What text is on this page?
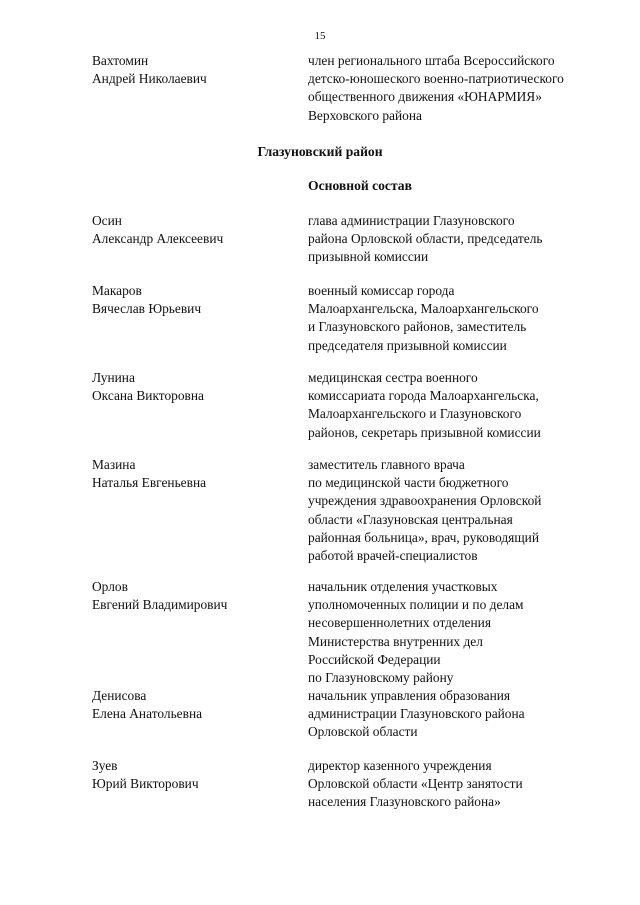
15
Вахтомин
Андрей Николаевич
член регионального штаба Всероссийского
детско-юношеского военно-патриотического
общественного движения «ЮНАРМИЯ»
Верховского района
Глазуновский район
Основной состав
Осин
Александр Алексеевич
глава администрации Глазуновского
района Орловской области, председатель
призывной комиссии
Макаров
Вячеслав Юрьевич
военный комиссар города
Малоархангельска, Малоархангельского
и Глазуновского районов, заместитель
председателя призывной комиссии
Лунина
Оксана Викторовна
медицинская сестра военного
комиссариата города Малоархангельска,
Малоархангельского и Глазуновского
районов, секретарь призывной комиссии
Мазина
Наталья Евгеньевна
заместитель главного врача
по медицинской части бюджетного
учреждения здравоохранения Орловской
области «Глазуновская центральная
районная больница», врач, руководящий
работой врачей-специалистов
Орлов
Евгений Владимирович
начальник отделения участковых
уполномоченных полиции и по делам
несовершеннолетних отделения
Министерства внутренних дел
Российской Федерации
по Глазуновскому району
Денисова
Елена Анатольевна
начальник управления образования
администрации Глазуновского района
Орловской области
Зуев
Юрий Викторович
директор казенного учреждения
Орловской области «Центр занятости
населения Глазуновского района»
